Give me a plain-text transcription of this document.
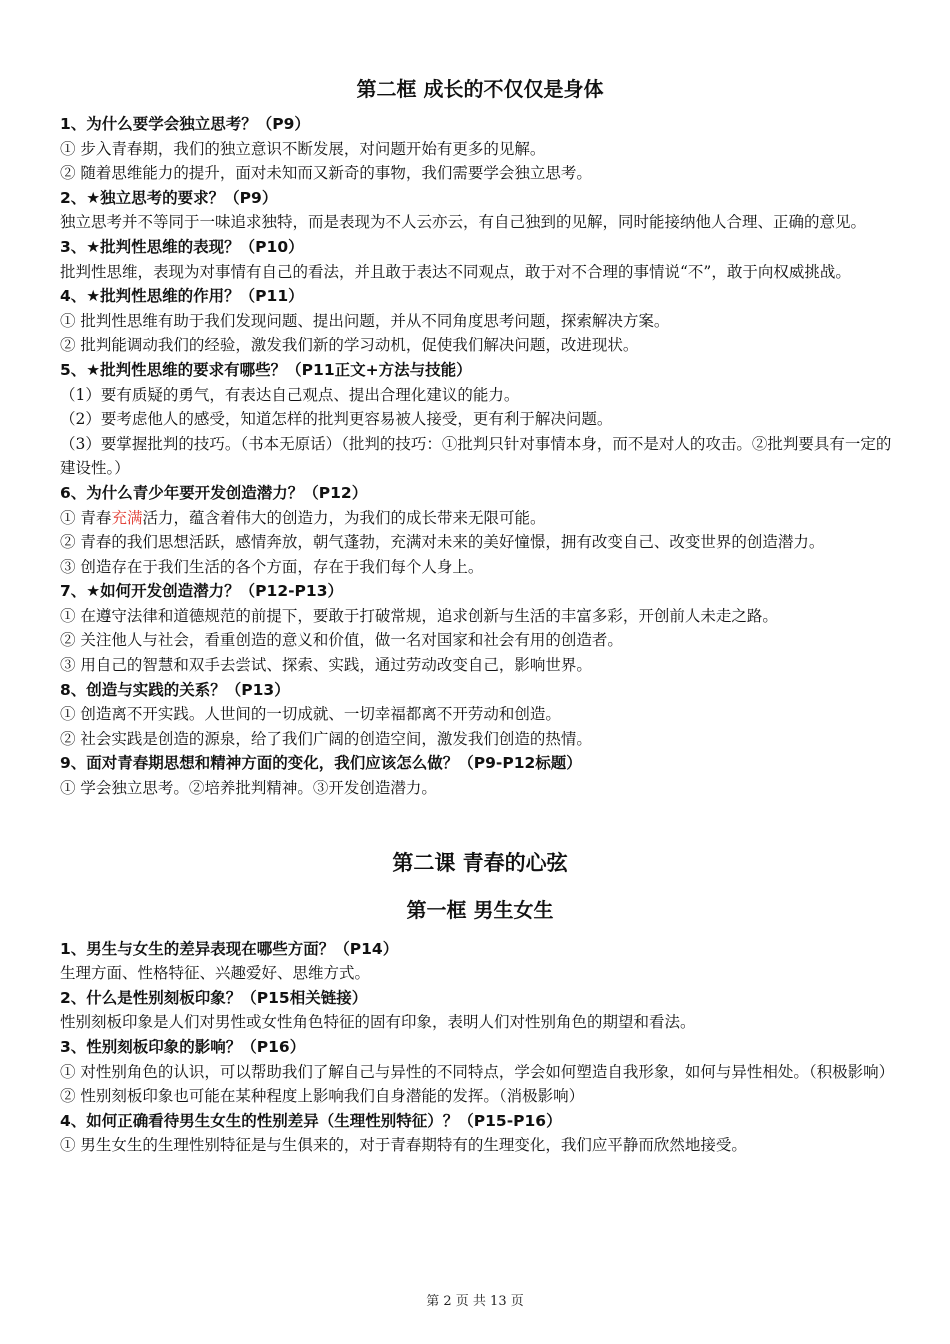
第二框 成长的不仅仅是身体

1、为什么要学会独立思考？（P9）

① 步入青春期，我们的独立意识不断发展，对问题开始有更多的见解。

② 随着思维能力的提升，面对未知而又新奇的事物，我们需要学会独立思考。

2、★独立思考的要求？（P9）

独立思考并不等同于一味追求独特，而是表现为不人云亦云，有自己独到的见解，同时能接纳他人合理、正确的意见。

3、★批判性思维的表现？（P10）

批判性思维，表现为对事情有自己的看法，并且敢于表达不同观点，敢于对不合理的事情说“不”，敢于向权威挑战。

4、★批判性思维的作用？（P11）

① 批判性思维有助于我们发现问题、提出问题，并从不同角度思考问题，探索解决方案。

② 批判能调动我们的经验，激发我们新的学习动机，促使我们解决问题，改进现状。

5、★批判性思维的要求有哪些？（P11正文+方法与技能）

（1）要有质疑的勇气，有表达自己观点、提出合理化建议的能力。

（2）要考虑他人的感受，知道怎样的批判更容易被人接受，更有利于解决问题。

（3）要掌握批判的技巧。（书本无原话）（批判的技巧：①批判只针对事情本身，而不是对人的攻击。②批判要具有一定的建设性。）

6、为什么青少年要开发创造潜力？（P12）

① 青春充满活力，蕴含着伟大的创造力，为我们的成长带来无限可能。

② 青春的我们思想活跃，感情奔放，朝气蓬勃，充满对未来的美好憧憬，拥有改变自己、改变世界的创造潜力。

③ 创造存在于我们生活的各个方面，存在于我们每个人身上。

7、★如何开发创造潜力？（P12-P13）

① 在遵守法律和道德规范的前提下，要敢于打破常规，追求创新与生活的丰富多彩，开创前人未走之路。

② 关注他人与社会，看重创造的意义和价值，做一名对国家和社会有用的创造者。

③ 用自己的智慧和双手去尝试、探索、实践，通过劳动改变自己，影响世界。

8、创造与实践的关系？（P13）

① 创造离不开实践。人世间的一切成就、一切幸福都离不开劳动和创造。

② 社会实践是创造的源泉，给了我们广阔的创造空间，激发我们创造的热情。

9、面对青春期思想和精神方面的变化，我们应该怎么做？（P9-P12标题）

① 学会独立思考。②培养批判精神。③开发创造潜力。

第二课 青春的心弦
第一框 男生女生

1、男生与女生的差异表现在哪些方面？（P14）

生理方面、性格特征、兴趣爱好、思维方式。

2、什么是性别刻板印象？（P15相关链接）

性别刻板印象是人们对男性或女性角色特征的固有印象，表明人们对性别角色的期望和看法。

3、性别刻板印象的影响？（P16）

① 对性别角色的认识，可以帮助我们了解自己与异性的不同特点，学会如何塑造自我形象，如何与异性相处。（积极影响）

② 性别刻板印象也可能在某种程度上影响我们自身潜能的发挥。（消极影响）

4、如何正确看待男生女生的性别差异（生理性别特征）？（P15-P16）

① 男生女生的生理性别特征是与生俱来的，对于青春期特有的生理变化，我们应平静而欣然地接受。

第 2 页 共 13 页
